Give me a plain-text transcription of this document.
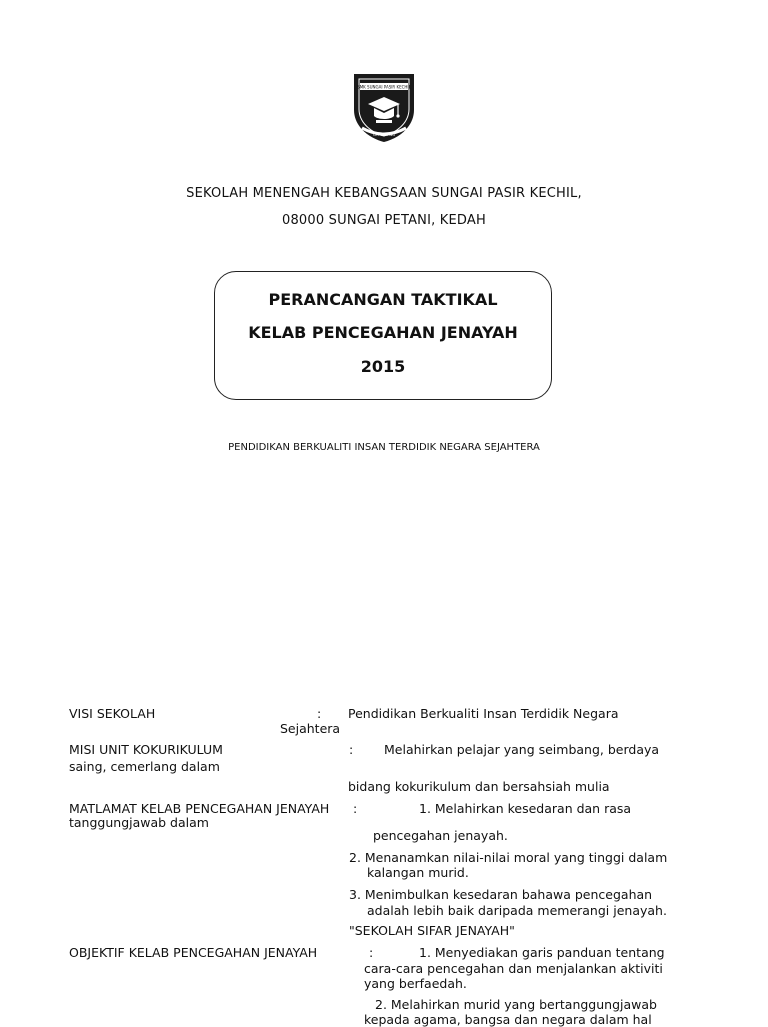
SMK SUNGAI PASIR KECHIL
CEMERLANG
SEKOLAH MENENGAH KEBANGSAAN SUNGAI PASIR KECHIL,
08000 SUNGAI PETANI, KEDAH
PERANCANGAN TAKTIKAL
KELAB PENCEGAHAN JENAYAH
2015
PENDIDIKAN BERKUALITI INSAN TERDIDIK NEGARA SEJAHTERA
VISI SEKOLAH	: Pendidikan Berkualiti Insan Terdidik Negara
Sejahtera
MISI UNIT KOKURIKULUM	: Melahirkan pelajar yang seimbang, berdaya
saing, cemerlang dalam
bidang kokurikulum dan bersahsiah mulia
MATLAMAT KELAB PENCEGAHAN JENAYAH :	1. Melahirkan kesedaran dan rasa
tanggungjawab dalam
pencegahan jenayah.
2. Menanamkan nilai-nilai moral yang tinggi dalam
kalangan murid.
3. Menimbulkan kesedaran bahawa pencegahan
adalah lebih baik daripada memerangi jenayah.
"SEKOLAH SIFAR JENAYAH"
OBJEKTIF KELAB PENCEGAHAN JENAYAH	:	1. Menyediakan garis panduan tentang
cara-cara pencegahan dan menjalankan aktiviti
yang berfaedah.
2. Melahirkan murid yang bertanggungjawab
kepada agama, bangsa dan negara dalam hal
